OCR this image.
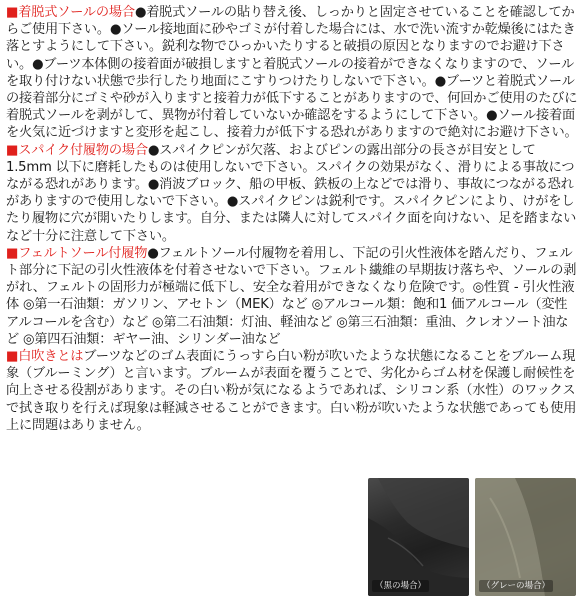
■着脱式ソールの場合●着脱式ソールの貼り替え後、しっかりと固定させていることを確認してからご使用下さい。●ソール接地面に砂やゴミが付着した場合には、水で洗い流すか乾燥後にはたき落とすようにして下さい。鋭利な物でひっかいたりすると破損の原因となりますのでお避け下さい。●ブーツ本体側の接着面が破損しますと着脱式ソールの接着ができなくなりますので、ソールを取り付けない状態で歩行したり地面にこすりつけたりしないで下さい。●ブーツと着脱式ソールの接着部分にゴミや砂が入りますと接着力が低下することがありますので、何回かご使用のたびに着脱式ソールを剥がして、異物が付着していないか確認をするようにして下さい。●ソール接着面を火気に近づけますと変形を起こし、接着力が低下する恐れがありますので絶対にお避け下さい。

■スパイク付履物の場合●スパイクピンが欠落、およびピンの露出部分の長さが目安として1.5mm 以下に磨耗したものは使用しないで下さい。スパイクの効果がなく、滑りによる事故につながる恐れがあります。●消波ブロック、船の甲板、鉄板の上などでは滑り、事故につながる恐れがありますので使用しないで下さい。●スパイクピンは鋭利です。スパイクピンにより、けがをしたり履物に穴が開いたりします。自分、または隣人に対してスパイク面を向けない、足を踏まないなど十分に注意して下さい。

■フェルトソール付履物●フェルトソール付履物を着用し、下記の引火性液体を踏んだり、フェルト部分に下記の引火性液体を付着させないで下さい。フェルト繊維の早期抜け落ちや、ソールの剥がれ、フェルトの固形力が極端に低下し、安全な着用ができなくなり危険です。◎性質 - 引火性液体 ◎第一石油類：ガソリン、アセトン（MEK）など ◎アルコール類：飽和1 価アルコール（変性アルコールを含む）など ◎第二石油類：灯油、軽油など ◎第三石油類：重油、クレオソート油など ◎第四石油類：ギヤー油、シリンダー油など

■白吹きとはブーツなどのゴム表面にうっすら白い粉が吹いたような状態になることをブルーム現象（ブルーミング）と言います。ブルームが表面を覆うことで、劣化からゴム材を保護し耐候性を向上させる役割があります。その白い粉が気になるようであれば、シリコン系（水性）のワックスで拭き取りを行えば現象は軽減させることができます。白い粉が吹いたような状態であっても使用上に問題はありません。

（黒の場合）	（グレーの場合）
